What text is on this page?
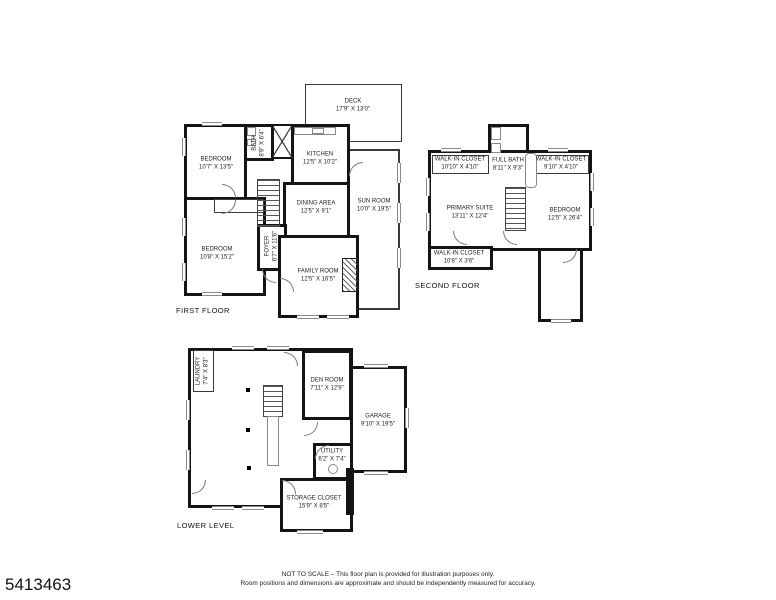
DECK
17'9" X 13'0"
BEDROOM
10'7" X 13'5"
BATH 8'9" X 6'4"	KITCHEN
12'5" X 10'2"
DINING AREA
12'5" X 9'1"
SUN ROOM
10'0" X 19'5"
BEDROOM
10'8" X 15'2"
FOYER 6'7" X 11'6"
FAMILY ROOM
12'5" X 16'5"
FIRST FLOOR
WALK-IN CLOSET
10'10" X 4'10"
FULL BATH
8'11" X 9'3"
WALK-IN CLOSET
9'10" X 4'10"
PRIMARY SUITE
13'11" X 12'4"
BEDROOM
12'5" X 26'4"
WALK-IN CLOSET
10'8" X 3'6"
SECOND FLOOR
LAUNDRY 7'4" X 8'3"	DEN ROOM
7'11" X 12'9"
GARAGE
9'10" X 19'5"
UTILITY
6'2" X 7'4"
STORAGE CLOSET
15'9" X 8'5"
LOWER LEVEL
5413463
NOT TO SCALE – This floor plan is provided for illustration purposes only.
Room positions and dimensions are approximate and should be independently measured for accuracy.
